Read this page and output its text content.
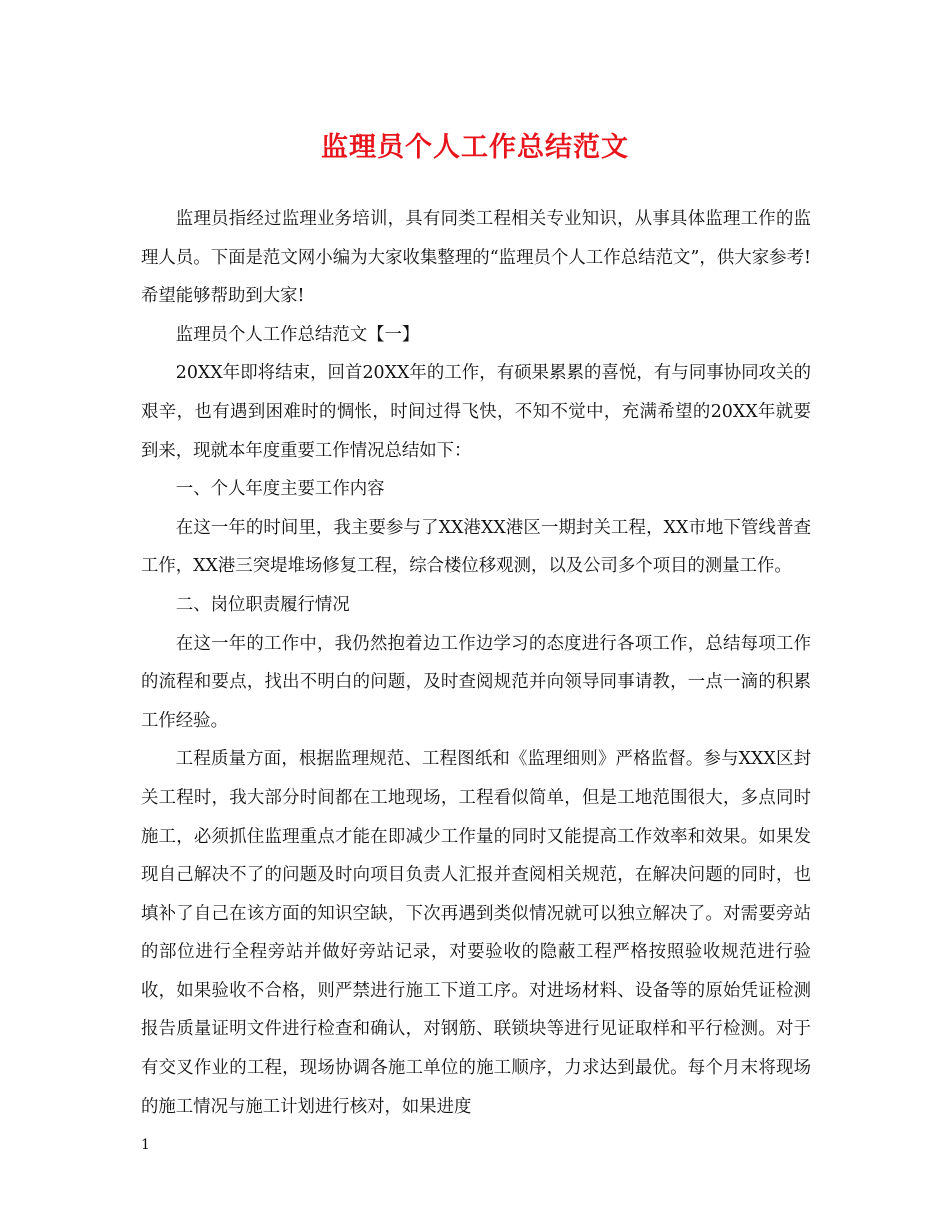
监理员个人工作总结范文

监理员指经过监理业务培训，具有同类工程相关专业知识，从事具体监理工作的监理人员。下面是范文网小编为大家收集整理的“监理员个人工作总结范文”，供大家参考!希望能够帮助到大家!

监理员个人工作总结范文【一】

20XX年即将结束，回首20XX年的工作，有硕果累累的喜悦，有与同事协同攻关的艰辛，也有遇到困难时的惆怅，时间过得飞快，不知不觉中，充满希望的20XX年就要到来，现就本年度重要工作情况总结如下：

一、个人年度主要工作内容

在这一年的时间里，我主要参与了XX港XX港区一期封关工程，XX市地下管线普查工作，XX港三突堤堆场修复工程，综合楼位移观测，以及公司多个项目的测量工作。

二、岗位职责履行情况

在这一年的工作中，我仍然抱着边工作边学习的态度进行各项工作，总结每项工作的流程和要点，找出不明白的问题，及时查阅规范并向领导同事请教，一点一滴的积累工作经验。

工程质量方面，根据监理规范、工程图纸和《监理细则》严格监督。参与XXX区封关工程时，我大部分时间都在工地现场，工程看似简单，但是工地范围很大，多点同时施工，必须抓住监理重点才能在即减少工作量的同时又能提高工作效率和效果。如果发现自己解决不了的问题及时向项目负责人汇报并查阅相关规范，在解决问题的同时，也填补了自己在该方面的知识空缺，下次再遇到类似情况就可以独立解决了。对需要旁站的部位进行全程旁站并做好旁站记录，对要验收的隐蔽工程严格按照验收规范进行验收，如果验收不合格，则严禁进行施工下道工序。对进场材料、设备等的原始凭证检测报告质量证明文件进行检查和确认，对钢筋、联锁块等进行见证取样和平行检测。对于有交叉作业的工程，现场协调各施工单位的施工顺序，力求达到最优。每个月末将现场的施工情况与施工计划进行核对，如果进度

1
